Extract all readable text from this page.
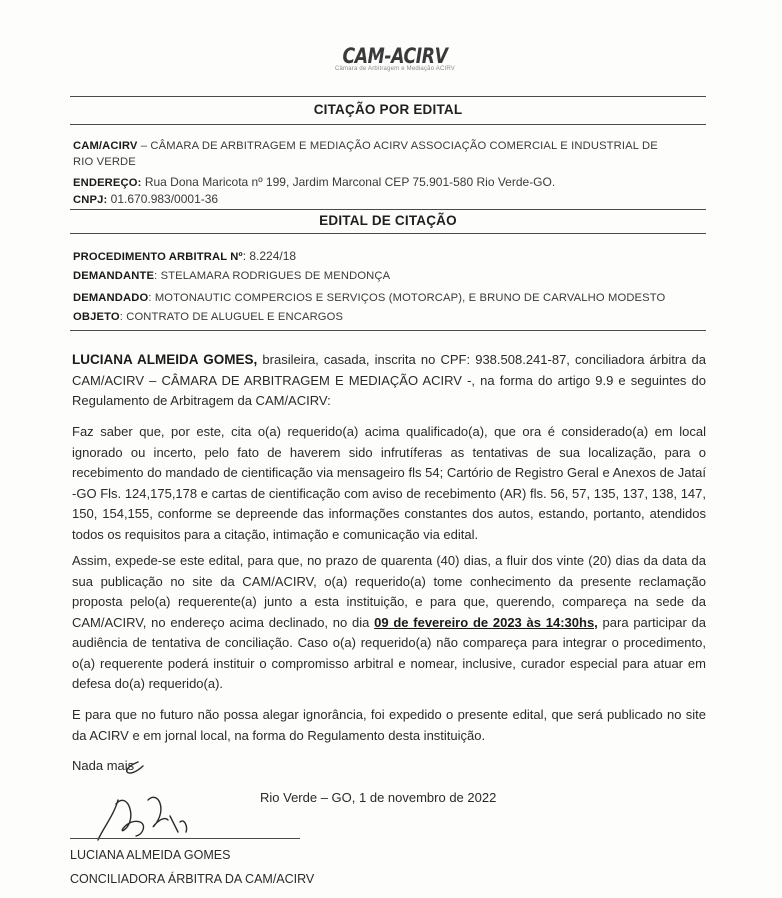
CAM-ACIRV
Câmara de Arbitragem e Mediação ACIRV
CITAÇÃO POR EDITAL
CAM/ACIRV – CÂMARA DE ARBITRAGEM E MEDIAÇÃO ACIRV ASSOCIAÇÃO COMERCIAL E INDUSTRIAL DE
RIO VERDE
ENDEREÇO: Rua Dona Maricota nº 199, Jardim Marconal CEP 75.901-580 Rio Verde-GO.
CNPJ: 01.670.983/0001-36
EDITAL DE CITAÇÃO
PROCEDIMENTO ARBITRAL Nº: 8.224/18
DEMANDANTE: STELAMARA RODRIGUES DE MENDONÇA
DEMANDADO: MOTONAUTIC COMPERCIOS E SERVIÇOS (MOTORCAP), E BRUNO DE CARVALHO MODESTO
OBJETO: CONTRATO DE ALUGUEL E ENCARGOS
LUCIANA ALMEIDA GOMES, brasileira, casada, inscrita no CPF: 938.508.241-87, conciliadora árbitra da CAM/ACIRV – CÂMARA DE ARBITRAGEM E MEDIAÇÃO ACIRV -, na forma do artigo 9.9 e seguintes do Regulamento de Arbitragem da CAM/ACIRV:
Faz saber que, por este, cita o(a) requerido(a) acima qualificado(a), que ora é considerado(a) em local ignorado ou incerto, pelo fato de haverem sido infrutíferas as tentativas de sua localização, para o recebimento do mandado de cientificação via mensageiro fls 54; Cartório de Registro Geral e Anexos de Jataí -GO Fls. 124,175,178 e cartas de cientificação com aviso de recebimento (AR) fls. 56, 57, 135, 137, 138, 147, 150, 154,155, conforme se depreende das informações constantes dos autos, estando, portanto, atendidos todos os requisitos para a citação, intimação e comunicação via edital.
Assim, expede-se este edital, para que, no prazo de quarenta (40) dias, a fluir dos vinte (20) dias da data da sua publicação no site da CAM/ACIRV, o(a) requerido(a) tome conhecimento da presente reclamação proposta pelo(a) requerente(a) junto a esta instituição, e para que, querendo, compareça na sede da CAM/ACIRV, no endereço acima declinado, no dia 09 de fevereiro de 2023 às 14:30hs, para participar da audiência de tentativa de conciliação. Caso o(a) requerido(a) não compareça para integrar o procedimento, o(a) requerente poderá instituir o compromisso arbitral e nomear, inclusive, curador especial para atuar em defesa do(a) requerido(a).
E para que no futuro não possa alegar ignorância, foi expedido o presente edital, que será publicado no site da ACIRV e em jornal local, na forma do Regulamento desta instituição.
Nada mais
Rio Verde – GO, 1 de novembro de 2022
LUCIANA ALMEIDA GOMES
CONCILIADORA ÁRBITRA DA CAM/ACIRV
